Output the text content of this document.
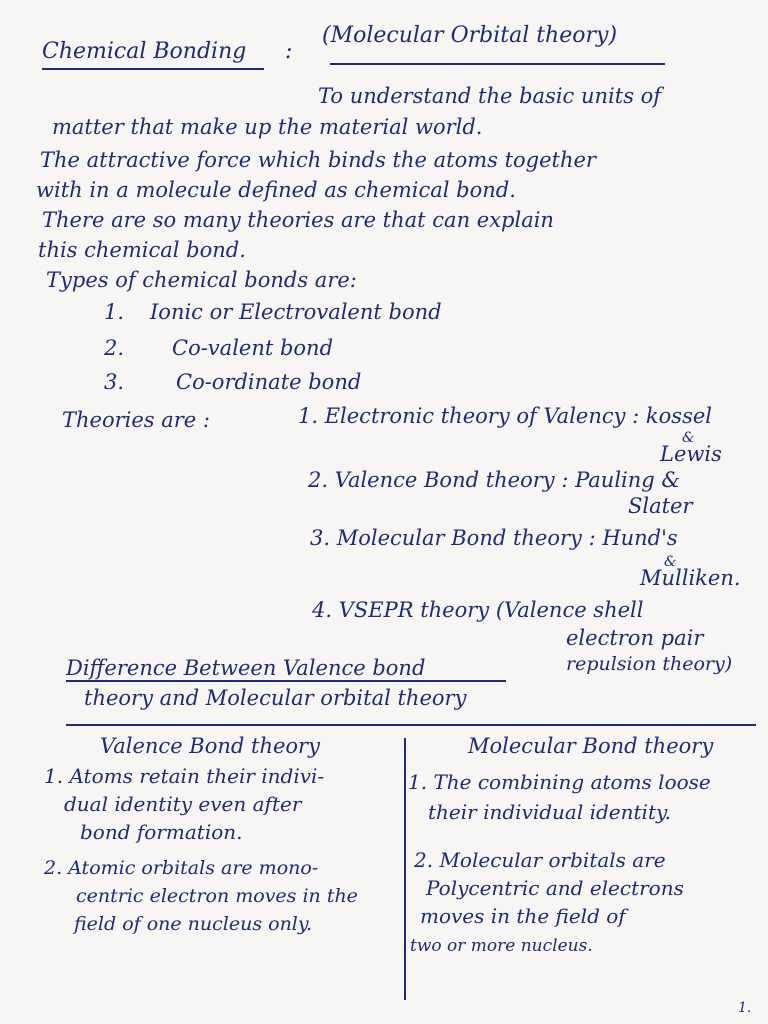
Chemical Bonding :
(Molecular Orbital theory)
To understand the basic units of
matter that make up the material world.
The attractive force which binds the atoms together
with in a molecule defined as chemical bond.
There are so many theories are that can explain
this chemical bond.
Types of chemical bonds are:
1. Ionic or Electrovalent bond
2. Co-valent bond
3. Co-ordinate bond
Theories are :	1. Electronic theory of Valency : kossel
&
Lewis
2. Valence Bond theory : Pauling &
Slater
3. Molecular Bond theory : Hund's
&
Mulliken.
4. VSEPR theory (Valence shell
electron pair
repulsion theory)
Difference Between Valence bond
theory and Molecular orbital theory
Valence Bond theory	Molecular Bond theory
1. Atoms retain their indivi-
dual identity even after
bond formation.
2. Atomic orbitals are mono-
centric electron moves in the
field of one nucleus only.
1. The combining atoms loose
their individual identity.
2. Molecular orbitals are
Polycentric and electrons
moves in the field of
two or more nucleus.
1.
